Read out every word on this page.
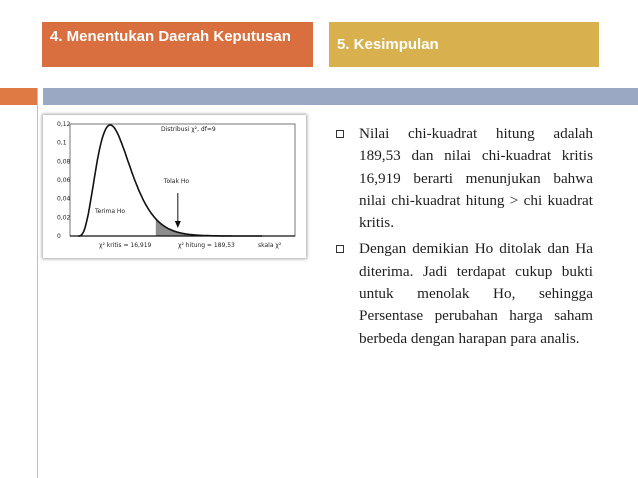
4. Menentukan Daerah Keputusan	5. Kesimpulan
Distribusi χ², df=9
0,12
0,1
0,08
0,06
0,04
0,02
0
Tolak Ho
Terima Ho
χ² kritis = 16,919	χ² hitung = 189,53	skala χ²
Nilai chi-kuadrat hitung adalah 189,53 dan nilai chi-kuadrat kritis 16,919 berarti menunjukan bahwa nilai chi-kuadrat hitung > chi kuadrat kritis.
Dengan demikian Ho ditolak dan Ha diterima. Jadi terdapat cukup bukti untuk menolak Ho, sehingga Persentase perubahan harga saham berbeda dengan harapan para analis.
